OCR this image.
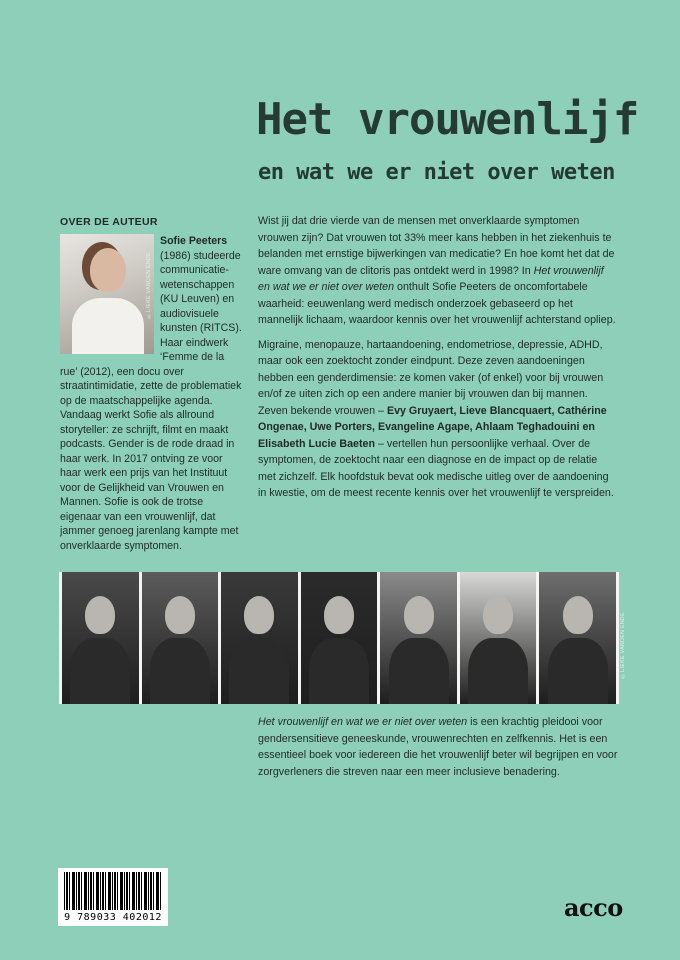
Het vrouwenlijf
en wat we er niet over weten
OVER DE AUTEUR
©LIEKE VANDEN ENDE
Sofie Peeters
(1986) studeerde communicatie-wetenschappen (KU Leuven) en audiovisuele kunsten (RITCS). Haar eindwerk ‘Femme de la rue’ (2012), een docu over straatintimidatie, zette de problematiek op de maatschappelijke agenda. Vandaag werkt Sofie als allround storyteller: ze schrijft, filmt en maakt podcasts. Gender is de rode draad in haar werk. In 2017 ontving ze voor haar werk een prijs van het Instituut voor de Gelijkheid van Vrouwen en Mannen. Sofie is ook de trotse eigenaar van een vrouwenlijf, dat jammer genoeg jarenlang kampte met onverklaarde symptomen.

Wist jij dat drie vierde van de mensen met onverklaarde symptomen vrouwen zijn? Dat vrouwen tot 33% meer kans hebben in het ziekenhuis te belanden met ernstige bijwerkingen van medicatie? En hoe komt het dat de ware omvang van de clitoris pas ontdekt werd in 1998? In Het vrouwenlijf en wat we er niet over weten onthult Sofie Peeters de oncomfortabele waarheid: eeuwenlang werd medisch onderzoek gebaseerd op het mannelijk lichaam, waardoor kennis over het vrouwenlijf achterstand opliep.

Migraine, menopauze, hartaandoening, endometriose, depressie, ADHD, maar ook een zoektocht zonder eindpunt. Deze zeven aandoeningen hebben een genderdimensie: ze komen vaker (of enkel) voor bij vrouwen en/of ze uiten zich op een andere manier bij vrouwen dan bij mannen. Zeven bekende vrouwen – Evy Gruyaert, Lieve Blancquaert, Cathérine Ongenae, Uwe Porters, Evangeline Agape, Ahlaam Teghadouini en Elisabeth Lucie Baeten – vertellen hun persoonlijke verhaal. Over de symptomen, de zoektocht naar een diagnose en de impact op de relatie met zichzelf. Elk hoofdstuk bevat ook medische uitleg over de aandoening in kwestie, om de meest recente kennis over het vrouwenlijf te verspreiden.

©LIEKE VANDEN ENDE
Het vrouwenlijf en wat we er niet over weten is een krachtig pleidooi voor gendersensitieve geneeskunde, vrouwenrechten en zelfkennis. Het is een essentieel boek voor iedereen die het vrouwenlijf beter wil begrijpen en voor zorgverleners die streven naar een meer inclusieve benadering.
9 789033 402012	acco
